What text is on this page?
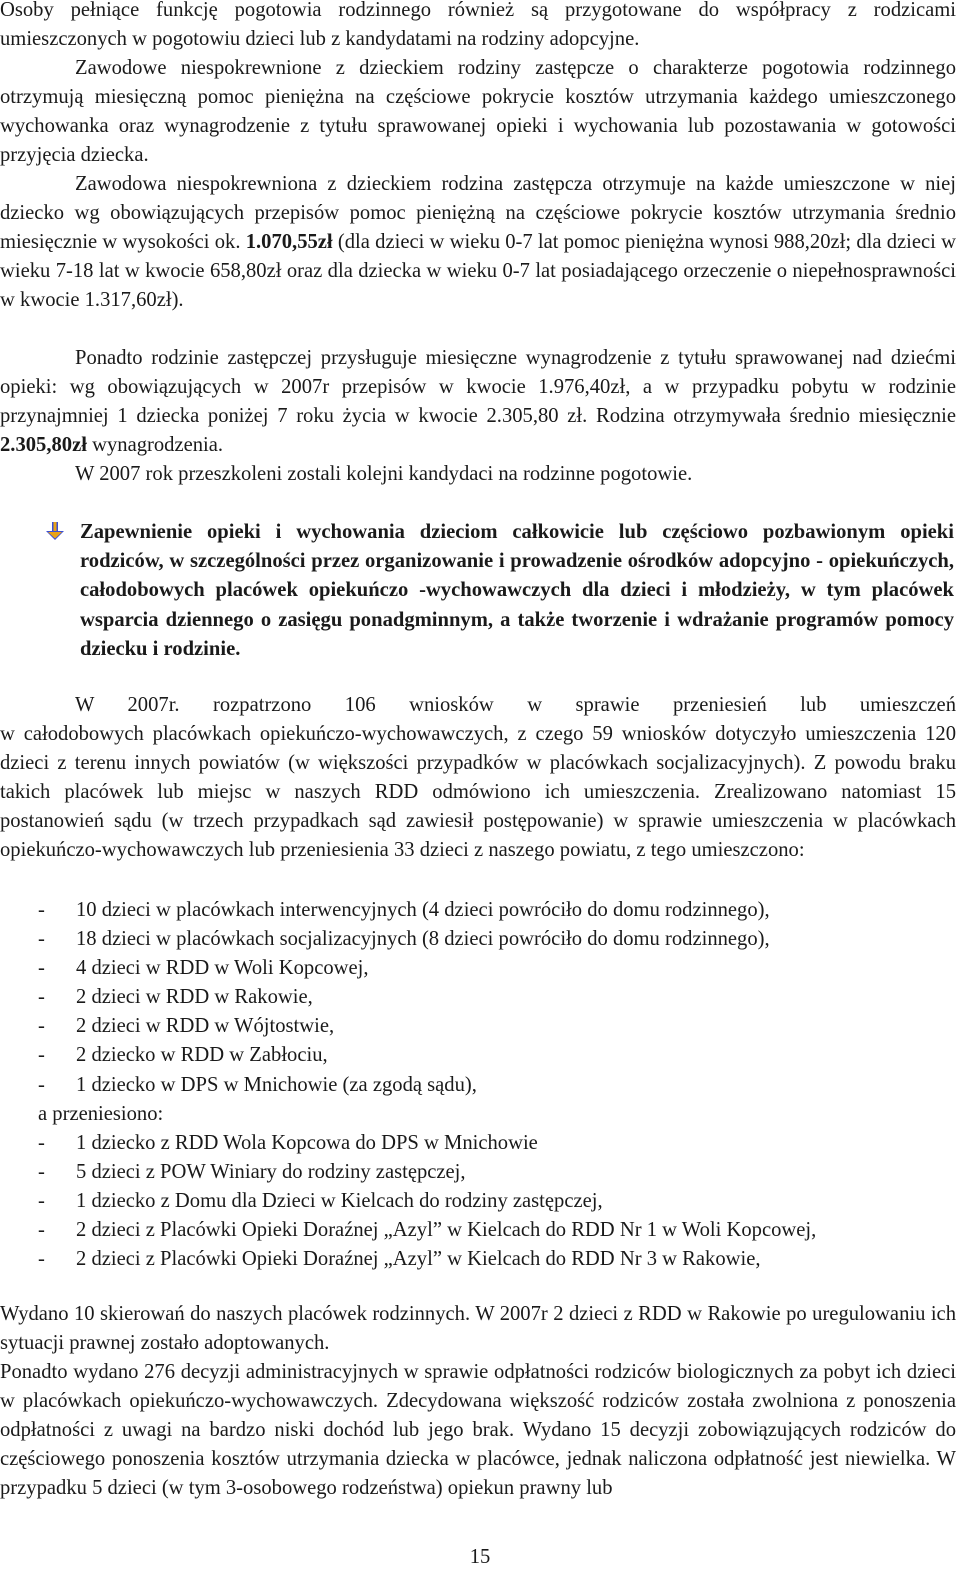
Osoby pełniące funkcję pogotowia rodzinnego również są przygotowane do współpracy z rodzicami umieszczonych w pogotowiu dzieci lub z kandydatami na rodziny adopcyjne.
Zawodowe niespokrewnione z dzieckiem rodziny zastępcze o charakterze pogotowia rodzinnego otrzymują miesięczną pomoc pieniężna na częściowe pokrycie kosztów utrzymania każdego umieszczonego wychowanka oraz wynagrodzenie z tytułu sprawowanej opieki i wychowania lub pozostawania w gotowości przyjęcia dziecka.
Zawodowa niespokrewniona z dzieckiem rodzina zastępcza otrzymuje na każde umieszczone w niej dziecko wg obowiązujących przepisów pomoc pieniężną na częściowe pokrycie kosztów utrzymania średnio miesięcznie w wysokości ok. 1.070,55zł (dla dzieci w wieku 0-7 lat pomoc pieniężna wynosi 988,20zł; dla dzieci w wieku 7-18 lat w kwocie 658,80zł oraz dla dziecka w wieku 0-7 lat posiadającego orzeczenie o niepełnosprawności w kwocie 1.317,60zł).
Ponadto rodzinie zastępczej przysługuje miesięczne wynagrodzenie z tytułu sprawowanej nad dziećmi opieki: wg obowiązujących w 2007r przepisów w kwocie 1.976,40zł, a w przypadku pobytu w rodzinie przynajmniej 1 dziecka poniżej 7 roku życia w kwocie 2.305,80 zł. Rodzina otrzymywała średnio miesięcznie 2.305,80zł wynagrodzenia.
W 2007 rok przeszkoleni zostali kolejni kandydaci na rodzinne pogotowie.
Zapewnienie opieki i wychowania dzieciom całkowicie lub częściowo pozbawionym opieki rodziców, w szczególności przez organizowanie i prowadzenie ośrodków adopcyjno - opiekuńczych, całodobowych placówek opiekuńczo -wychowawczych dla dzieci i młodzieży, w tym placówek wsparcia dziennego o zasięgu ponadgminnym, a także tworzenie i wdrażanie programów pomocy dziecku i rodzinie.
W 2007r. rozpatrzono 106 wniosków w sprawie przeniesień lub umieszczeń
w całodobowych placówkach opiekuńczo-wychowawczych, z czego 59 wniosków dotyczyło umieszczenia 120 dzieci z terenu innych powiatów (w większości przypadków w placówkach socjalizacyjnych). Z powodu braku takich placówek lub miejsc w naszych RDD odmówiono ich umieszczenia. Zrealizowano natomiast 15 postanowień sądu (w trzech przypadkach sąd zawiesił postępowanie) w sprawie umieszczenia w placówkach opiekuńczo-wychowawczych lub przeniesienia 33 dzieci z naszego powiatu, z tego umieszczono:
- 10 dzieci w placówkach interwencyjnych (4 dzieci powróciło do domu rodzinnego),
- 18 dzieci w placówkach socjalizacyjnych (8 dzieci powróciło do domu rodzinnego),
- 4 dzieci w RDD w Woli Kopcowej,
- 2 dzieci w RDD w Rakowie,
- 2 dzieci w RDD w Wójtostwie,
- 2 dziecko w RDD w Zabłociu,
- 1 dziecko w DPS w Mnichowie (za zgodą sądu),
a przeniesiono:
- 1 dziecko z RDD Wola Kopcowa do DPS w Mnichowie
- 5 dzieci z POW Winiary do rodziny zastępczej,
- 1 dziecko z Domu dla Dzieci w Kielcach do rodziny zastępczej,
- 2 dzieci z Placówki Opieki Doraźnej „Azyl” w Kielcach do RDD Nr 1 w Woli Kopcowej,
- 2 dzieci z Placówki Opieki Doraźnej „Azyl” w Kielcach do RDD Nr 3 w Rakowie,
Wydano 10 skierowań do naszych placówek rodzinnych. W 2007r 2 dzieci z RDD w Rakowie po uregulowaniu ich sytuacji prawnej zostało adoptowanych.
Ponadto wydano 276 decyzji administracyjnych w sprawie odpłatności rodziców biologicznych za pobyt ich dzieci w placówkach opiekuńczo-wychowawczych. Zdecydowana większość rodziców została zwolniona z ponoszenia odpłatności z uwagi na bardzo niski dochód lub jego brak. Wydano 15 decyzji zobowiązujących rodziców do częściowego ponoszenia kosztów utrzymania dziecka w placówce, jednak naliczona odpłatność jest niewielka. W przypadku 5 dzieci (w tym 3-osobowego rodzeństwa) opiekun prawny lub
15
